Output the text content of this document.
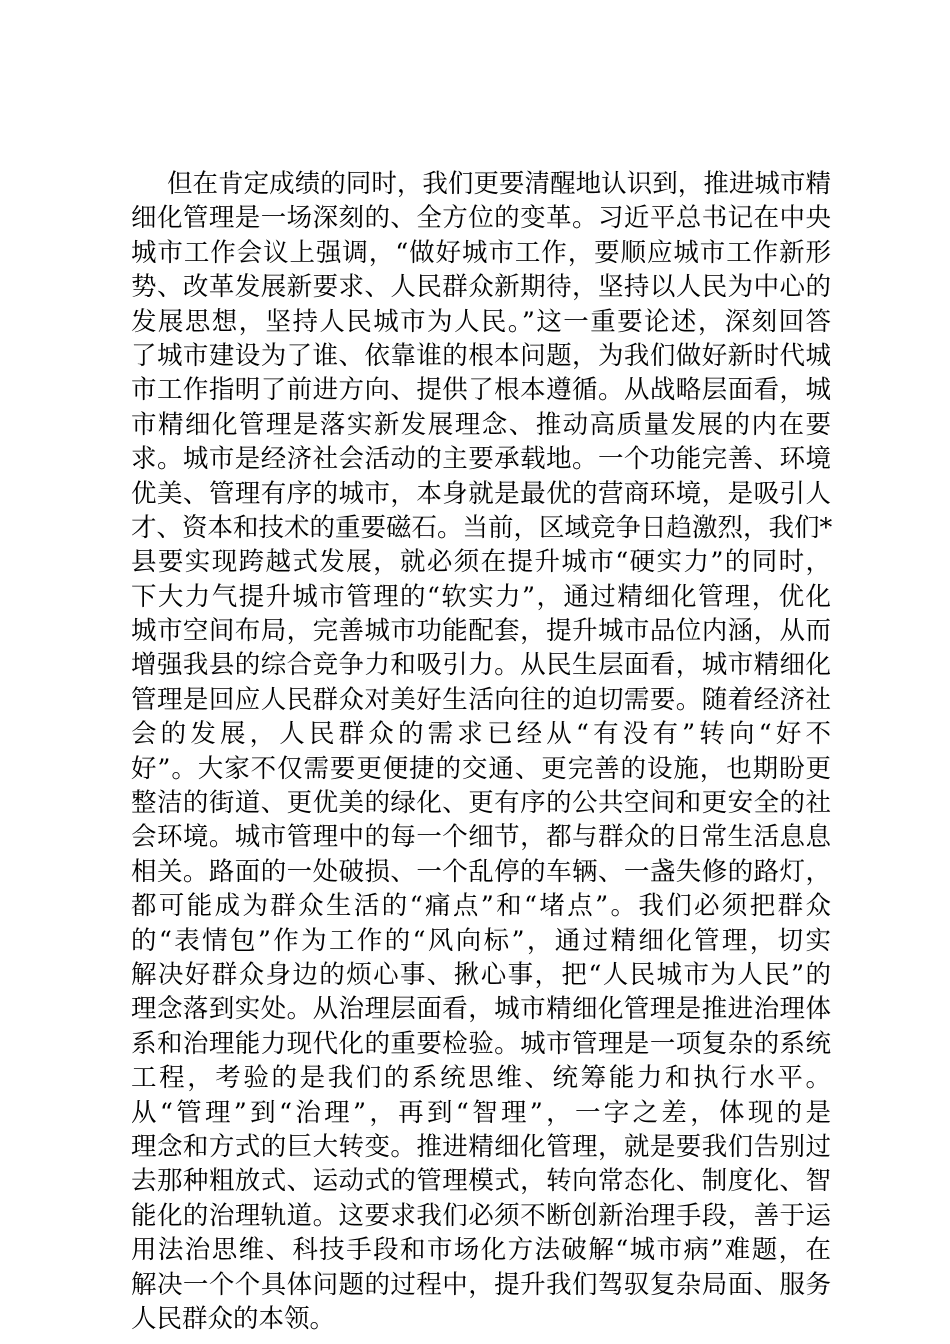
但在肯定成绩的同时，我们更要清醒地认识到，推进城市精
细化管理是一场深刻的、全方位的变革。习近平总书记在中央
城市工作会议上强调，“做好城市工作，要顺应城市工作新形
势、改革发展新要求、人民群众新期待，坚持以人民为中心的
发展思想，坚持人民城市为人民。”这一重要论述，深刻回答
了城市建设为了谁、依靠谁的根本问题，为我们做好新时代城
市工作指明了前进方向、提供了根本遵循。从战略层面看，城
市精细化管理是落实新发展理念、推动高质量发展的内在要
求。城市是经济社会活动的主要承载地。一个功能完善、环境
优美、管理有序的城市，本身就是最优的营商环境，是吸引人
才、资本和技术的重要磁石。当前，区域竞争日趋激烈，我们*
县要实现跨越式发展，就必须在提升城市“硬实力”的同时，
下大力气提升城市管理的“软实力”，通过精细化管理，优化
城市空间布局，完善城市功能配套，提升城市品位内涵，从而
增强我县的综合竞争力和吸引力。从民生层面看，城市精细化
管理是回应人民群众对美好生活向往的迫切需要。随着经济社
会的发展，人民群众的需求已经从“有没有”转向“好不
好”。大家不仅需要更便捷的交通、更完善的设施，也期盼更
整洁的街道、更优美的绿化、更有序的公共空间和更安全的社
会环境。城市管理中的每一个细节，都与群众的日常生活息息
相关。路面的一处破损、一个乱停的车辆、一盏失修的路灯，
都可能成为群众生活的“痛点”和“堵点”。我们必须把群众
的“表情包”作为工作的“风向标”，通过精细化管理，切实
解决好群众身边的烦心事、揪心事，把“人民城市为人民”的
理念落到实处。从治理层面看，城市精细化管理是推进治理体
系和治理能力现代化的重要检验。城市管理是一项复杂的系统
工程，考验的是我们的系统思维、统筹能力和执行水平。
从“管理”到“治理”，再到“智理”，一字之差，体现的是
理念和方式的巨大转变。推进精细化管理，就是要我们告别过
去那种粗放式、运动式的管理模式，转向常态化、制度化、智
能化的治理轨道。这要求我们必须不断创新治理手段，善于运
用法治思维、科技手段和市场化方法破解“城市病”难题，在
解决一个个具体问题的过程中，提升我们驾驭复杂局面、服务
人民群众的本领。
